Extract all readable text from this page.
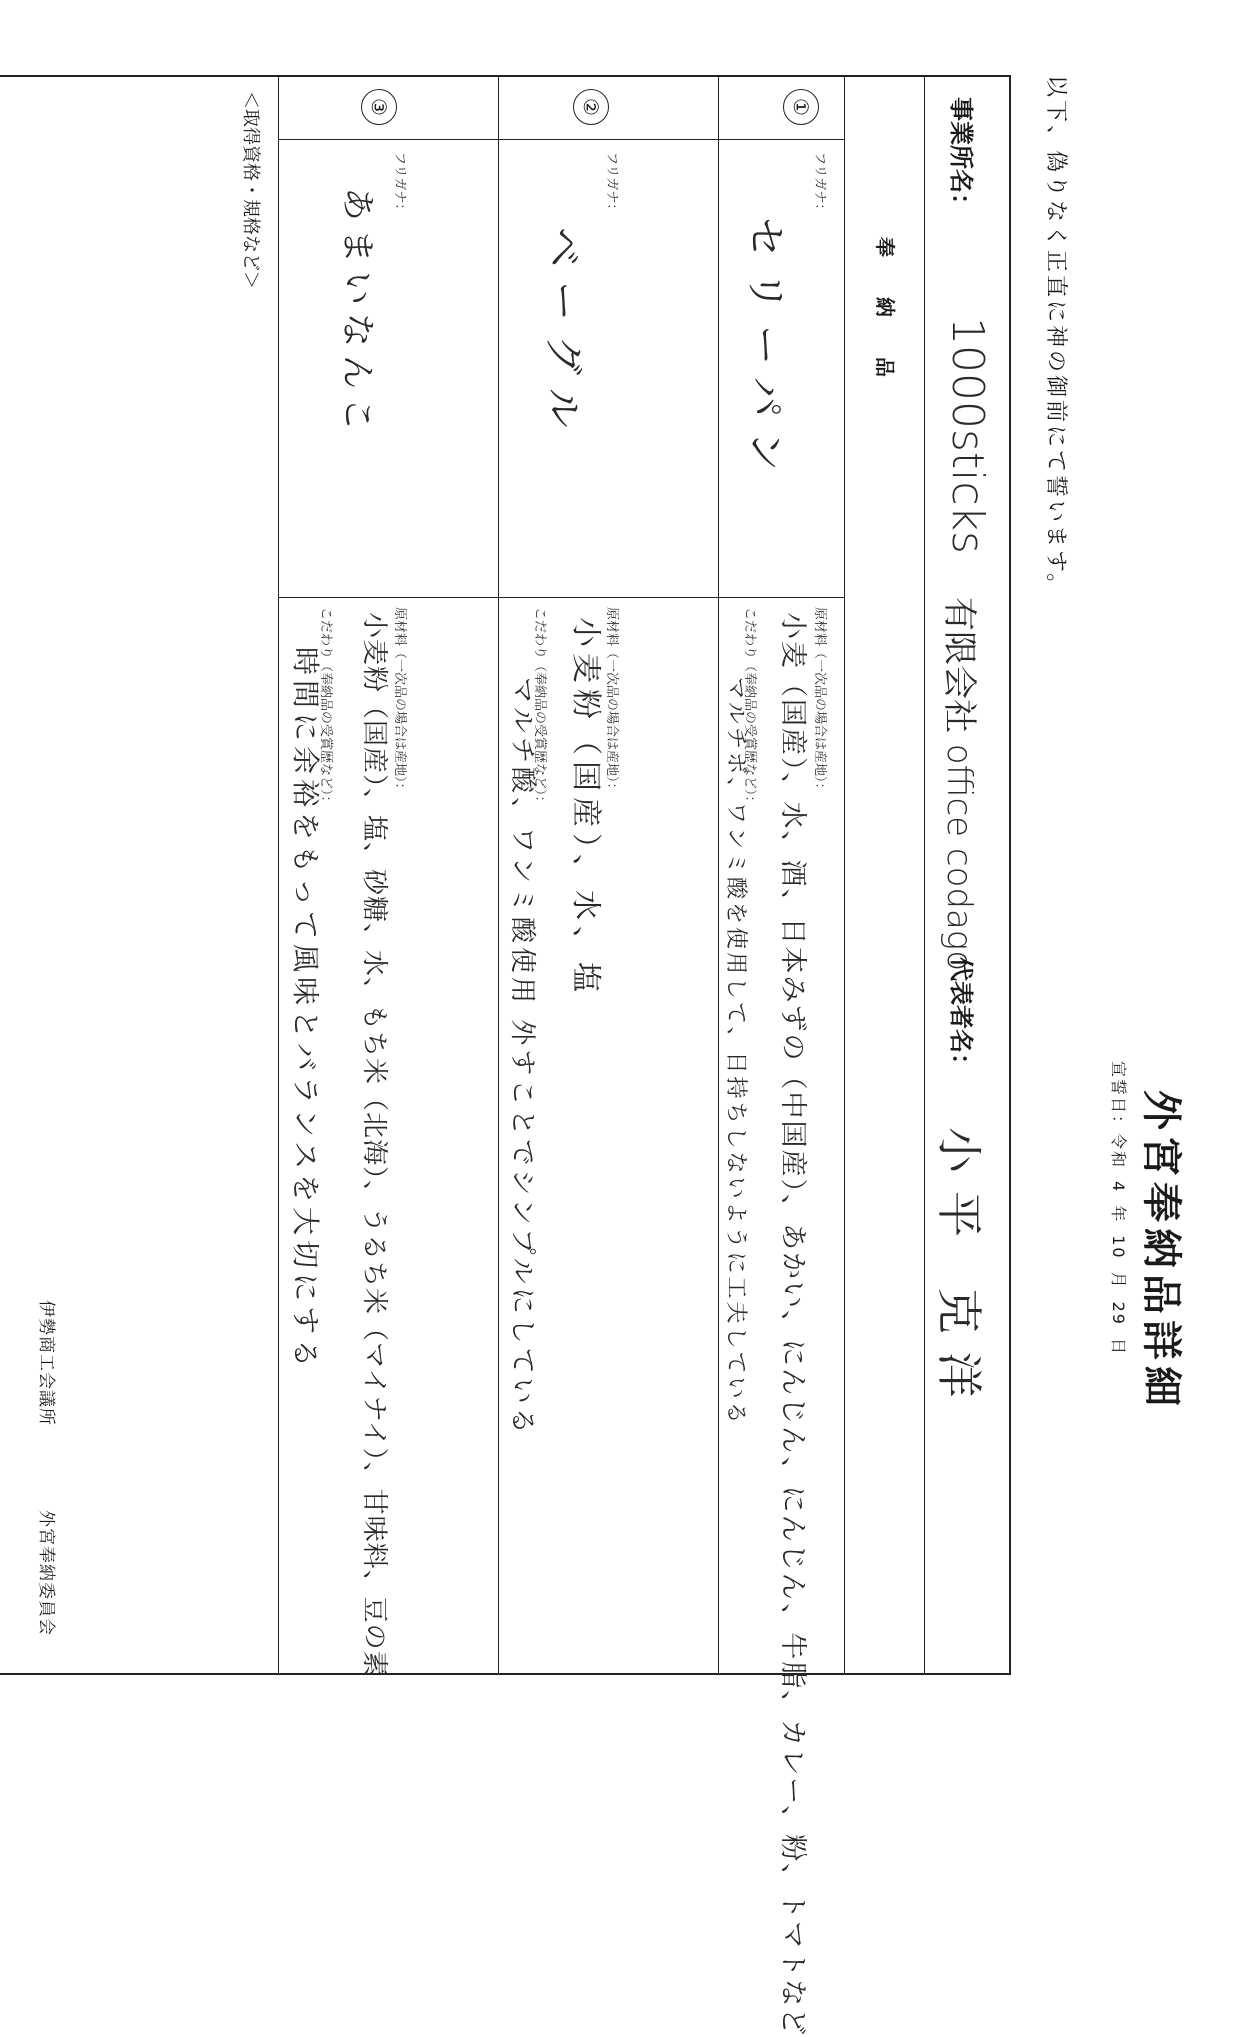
外宮奉納品詳細
宣誓日：令和4年10月29日
以下、偽りなく正直に神の御前にて誓います。
事業所名：
1000sticks
有限会社 office codago
代表者名：
小平 克洋
奉納品
①
フリガナ：
セリーパン
原材料（一次品の場合は産地）：
小麦（国産）、水、酒、日本みずの（中国産）、あかい、にんじん、にんじん、牛脂、カレー、粉、トマトなど
こだわり（奉納品の受賞歴など）：
マルチボ、ワンミ酸を使用して、日持ちしないように工夫している
②
フリガナ：
ベーグル
原材料（一次品の場合は産地）：
小麦粉（国産）、水、塩
こだわり（奉納品の受賞歴など）：
マルチ酸、ワンミ酸使用 外すことでシンプルにしている
③
フリガナ：
あまいなんこ
原材料（一次品の場合は産地）：
小麦粉（国産）、塩、砂糖、水、もち米（北海）、うるち米（マイナイ）、甘味料、豆の素
こだわり（奉納品の受賞歴など）：
時間に余裕をもって風味とバランスを大切にする
＜取得資格・規格など＞
伊勢商工会議所
外宮奉納委員会
